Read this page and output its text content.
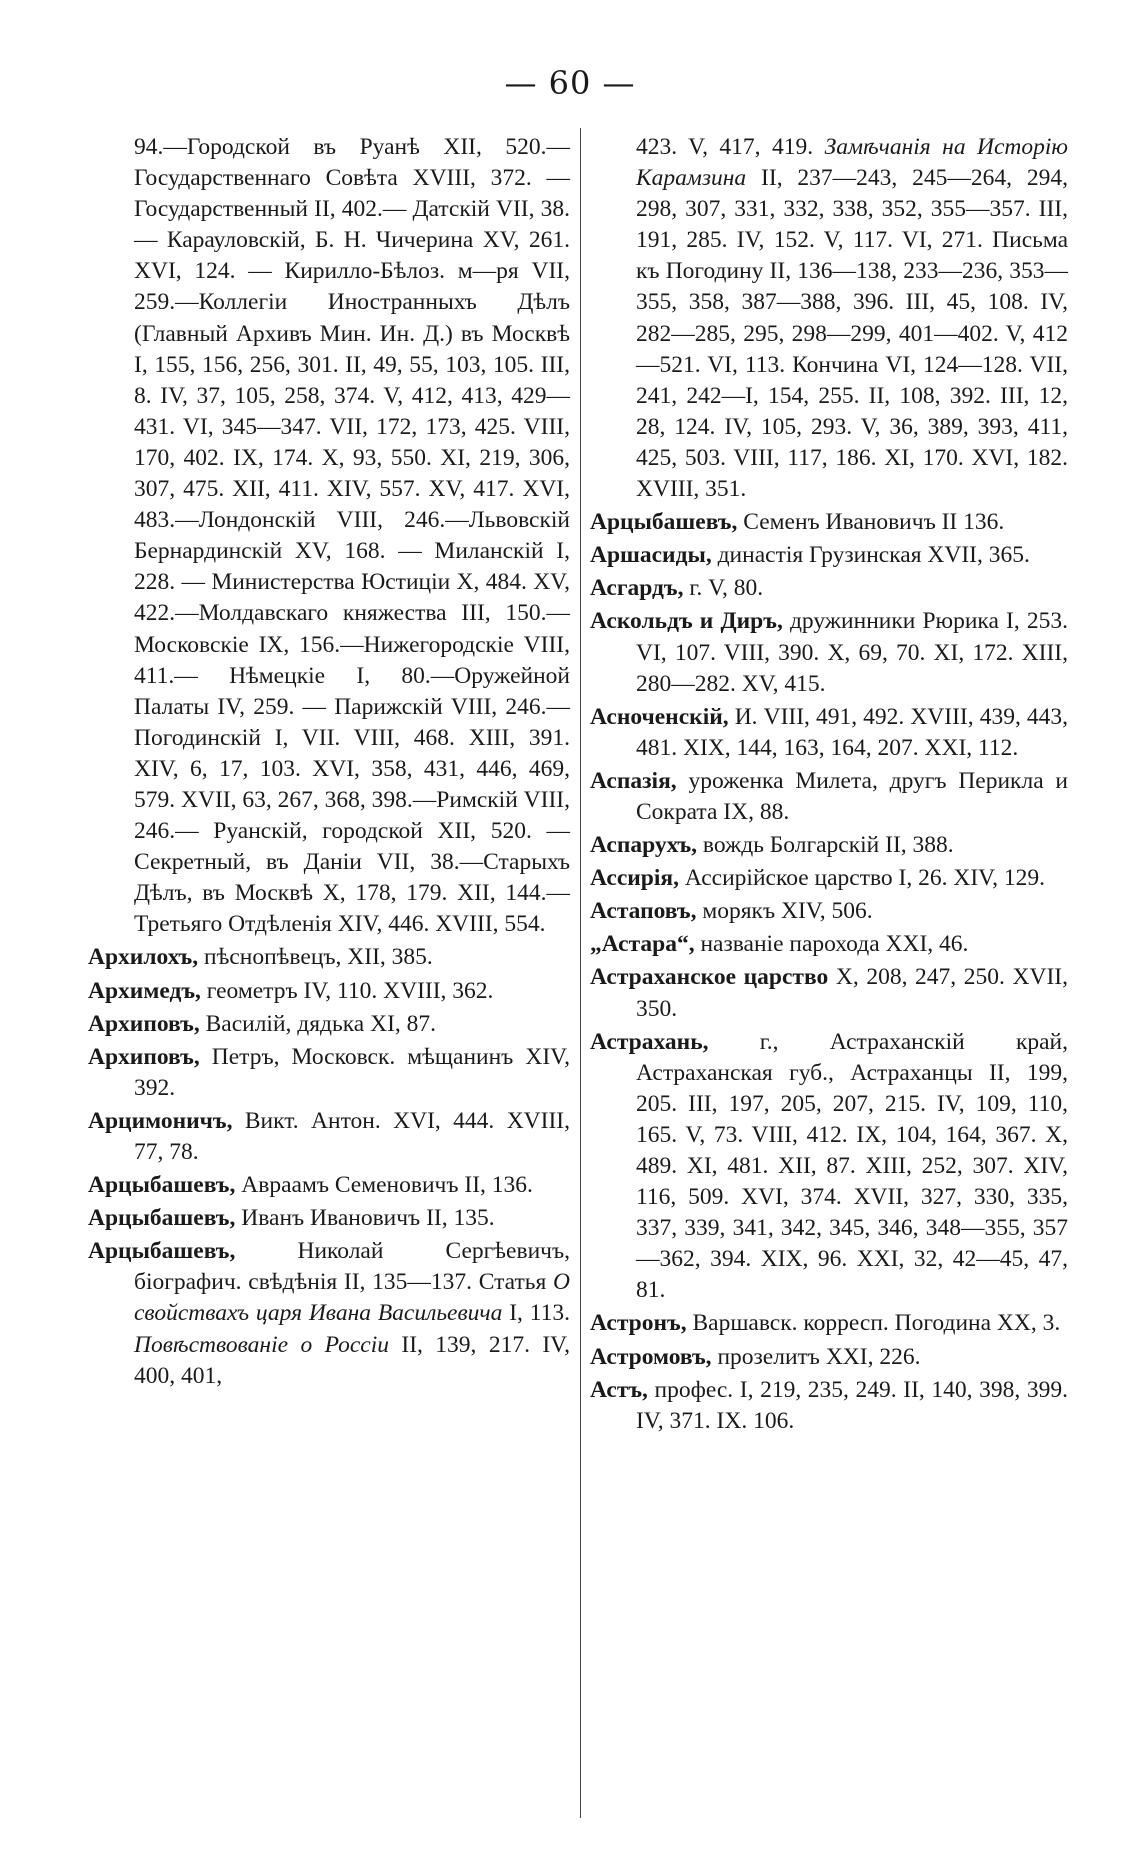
— 60 —

94.—Городской въ Руанѣ XII, 520.— Государственнаго Совѣта XVIII, 372. — Государственный II, 402.— Датскій VII, 38. — Карауловскій, Б. Н. Чичерина XV, 261. XVI, 124. — Кирилло-Бѣлоз. м—ря VII, 259.—Коллегіи Иностранныхъ Дѣлъ (Главный Архивъ Мин. Ин. Д.) въ Москвѣ I, 155, 156, 256, 301. II, 49, 55, 103, 105. III, 8. IV, 37, 105, 258, 374. V, 412, 413, 429—431. VI, 345—347. VII, 172, 173, 425. VIII, 170, 402. IX, 174. X, 93, 550. XI, 219, 306, 307, 475. XII, 411. XIV, 557. XV, 417. XVI, 483.—Лондонскій VIII, 246.—Львовскій Бернардинскій XV, 168. — Миланскій I, 228. — Министерства Юстиціи X, 484. XV, 422.—Молдавскаго княжества III, 150.—Московскіе IX, 156.—Нижегородскіе VIII, 411.— Нѣмецкіе I, 80.—Оружейной Палаты IV, 259. — Парижскій VIII, 246.—Погодинскій I, VII. VIII, 468. XIII, 391. XIV, 6, 17, 103. XVI, 358, 431, 446, 469, 579. XVII, 63, 267, 368, 398.—Римскій VIII, 246.— Руанскій, городской XII, 520. — Секретный, въ Даніи VII, 38.—Старыхъ Дѣлъ, въ Москвѣ X, 178, 179. XII, 144.—Третьяго Отдѣленія XIV, 446. XVIII, 554.

Архилохъ, пѣснопѣвецъ, XII, 385.

Архимедъ, геометръ IV, 110. XVIII, 362.

Архиповъ, Василій, дядька XI, 87.

Архиповъ, Петръ, Московск. мѣщанинъ XIV, 392.

Арцимоничъ, Викт. Антон. XVI, 444. XVIII, 77, 78.

Арцыбашевъ, Авраамъ Семеновичъ II, 136.

Арцыбашевъ, Иванъ Ивановичъ II, 135.

Арцыбашевъ, Николай Сергѣевичъ, біографич. свѣдѣнія II, 135—137. Статья О свойствахъ царя Ивана Васильевича I, 113. Повѣствованіе о Россіи II, 139, 217. IV, 400, 401,

423. V, 417, 419. Замѣчанія на Исторію Карамзина II, 237—243, 245—264, 294, 298, 307, 331, 332, 338, 352, 355—357. III, 191, 285. IV, 152. V, 117. VI, 271. Письма къ Погодину II, 136—138, 233—236, 353—355, 358, 387—388, 396. III, 45, 108. IV, 282—285, 295, 298—299, 401—402. V, 412—521. VI, 113. Кончина VI, 124—128. VII, 241, 242—I, 154, 255. II, 108, 392. III, 12, 28, 124. IV, 105, 293. V, 36, 389, 393, 411, 425, 503. VIII, 117, 186. XI, 170. XVI, 182. XVIII, 351.

Арцыбашевъ, Семенъ Ивановичъ II 136.

Аршасиды, династія Грузинская XVII, 365.

Асгардъ, г. V, 80.

Аскольдъ и Диръ, дружинники Рюрика I, 253. VI, 107. VIII, 390. X, 69, 70. XI, 172. XIII, 280—282. XV, 415.

Асноченскій, И. VIII, 491, 492. XVIII, 439, 443, 481. XIX, 144, 163, 164, 207. XXI, 112.

Аспазія, уроженка Милета, другъ Перикла и Сократа IX, 88.

Аспарухъ, вождь Болгарскій II, 388.

Ассирія, Ассирійское царство I, 26. XIV, 129.

Астаповъ, морякъ XIV, 506.

„Астара“, названіе парохода XXI, 46.

Астраханское царство X, 208, 247, 250. XVII, 350.

Астрахань, г., Астраханскій край, Астраханская губ., Астраханцы II, 199, 205. III, 197, 205, 207, 215. IV, 109, 110, 165. V, 73. VIII, 412. IX, 104, 164, 367. X, 489. XI, 481. XII, 87. XIII, 252, 307. XIV, 116, 509. XVI, 374. XVII, 327, 330, 335, 337, 339, 341, 342, 345, 346, 348—355, 357—362, 394. XIX, 96. XXI, 32, 42—45, 47, 81.

Астронъ, Варшавск. корресп. Погодина XX, 3.

Астромовъ, прозелитъ XXI, 226.

Астъ, профес. I, 219, 235, 249. II, 140, 398, 399. IV, 371. IX. 106.
